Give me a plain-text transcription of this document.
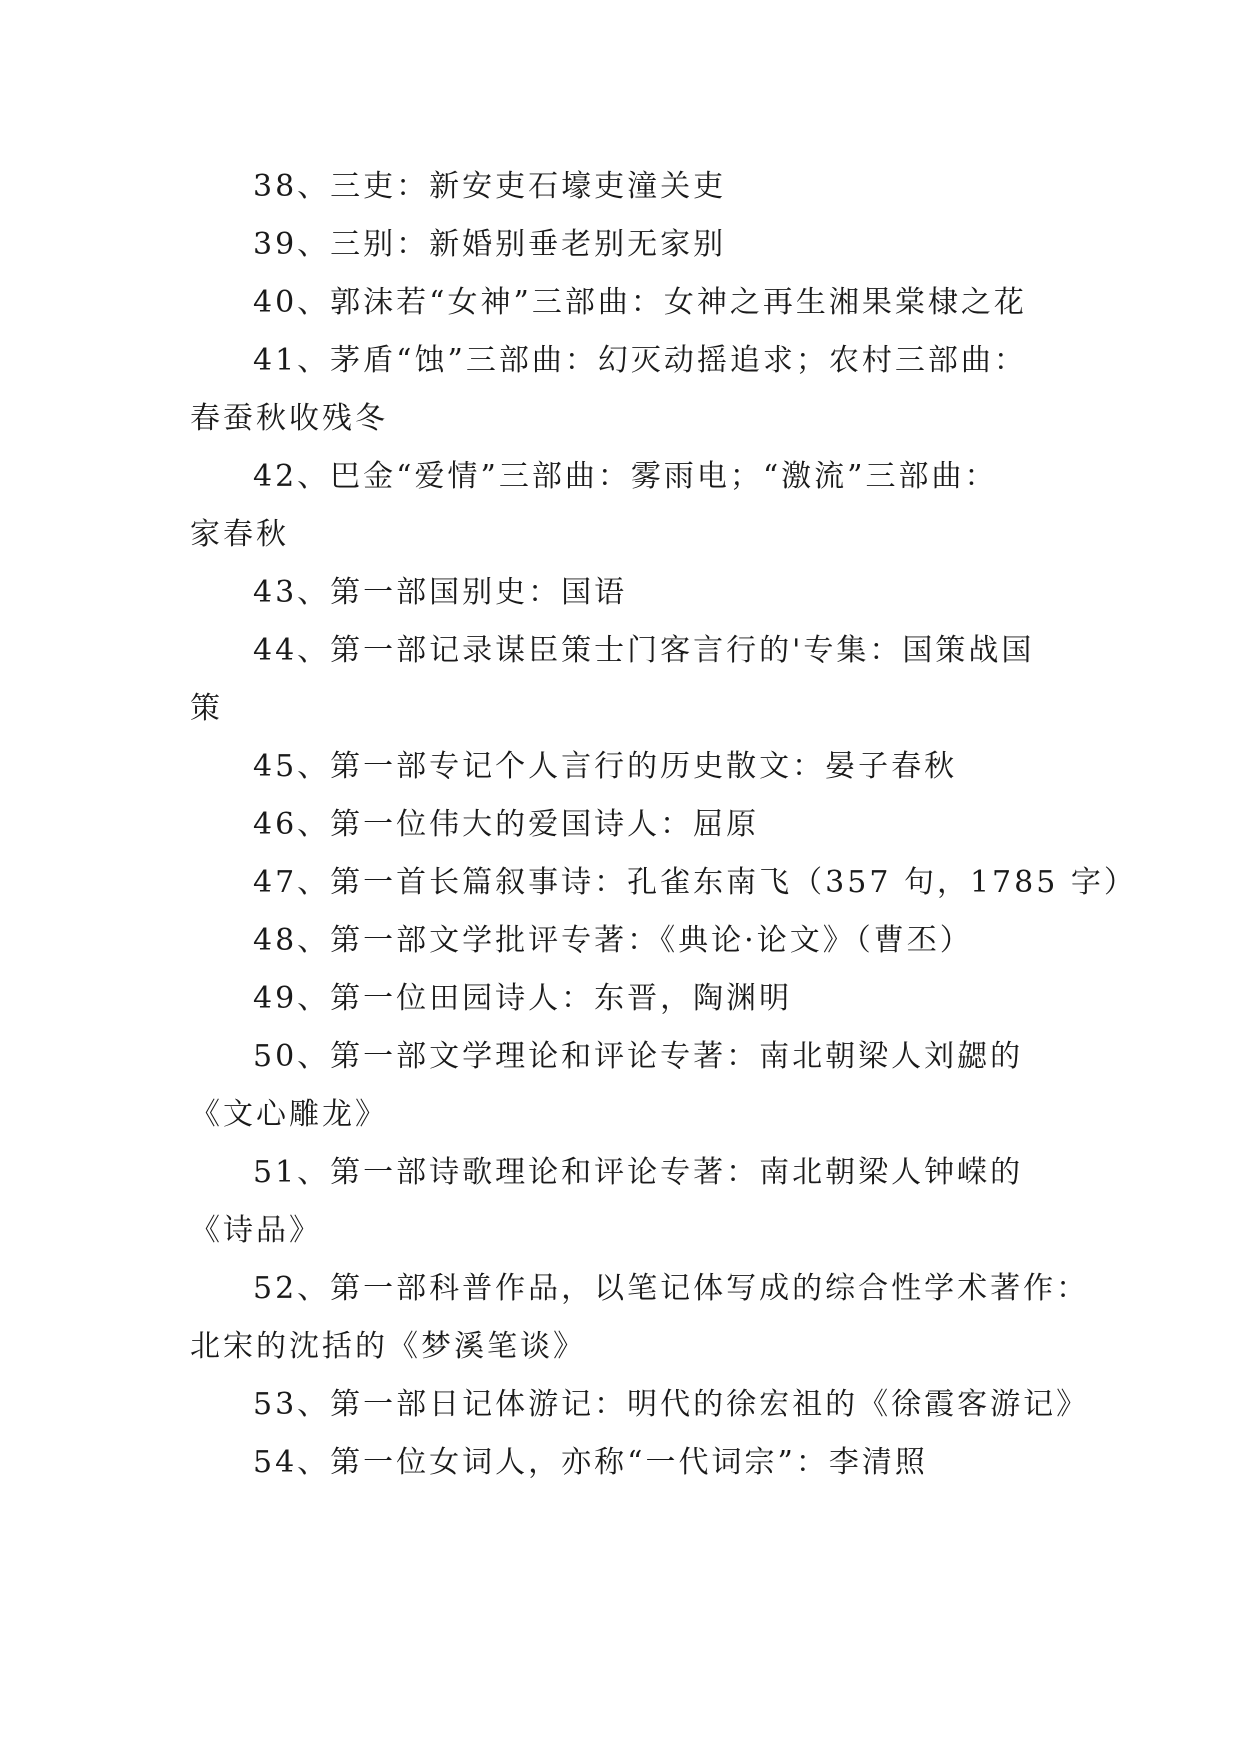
38、三吏：新安吏石壕吏潼关吏

39、三别：新婚别垂老别无家别

40、郭沫若“女神”三部曲：女神之再生湘果棠棣之花

41、茅盾“蚀”三部曲：幻灭动摇追求；农村三部曲：

春蚕秋收残冬

42、巴金“爱情”三部曲：雾雨电；“激流”三部曲：

家春秋

43、第一部国别史：国语

44、第一部记录谋臣策士门客言行的'专集：国策战国

策

45、第一部专记个人言行的历史散文：晏子春秋

46、第一位伟大的爱国诗人：屈原

47、第一首长篇叙事诗：孔雀东南飞（357 句，1785 字）

48、第一部文学批评专著：《典论·论文》（曹丕）

49、第一位田园诗人：东晋，陶渊明

50、第一部文学理论和评论专著：南北朝梁人刘勰的

《文心雕龙》

51、第一部诗歌理论和评论专著：南北朝梁人钟嵘的

《诗品》

52、第一部科普作品，以笔记体写成的综合性学术著作：

北宋的沈括的《梦溪笔谈》

53、第一部日记体游记：明代的徐宏祖的《徐霞客游记》

54、第一位女词人，亦称“一代词宗”：李清照
